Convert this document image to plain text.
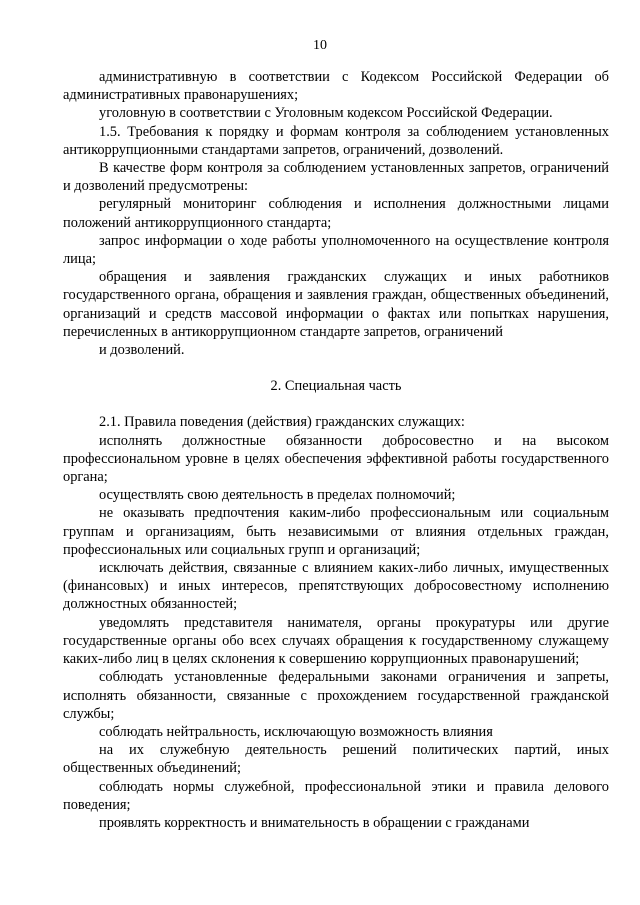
10

административную в соответствии с Кодексом Российской Федерации об административных правонарушениях;

уголовную в соответствии с Уголовным кодексом Российской Федерации.

1.5. Требования к порядку и формам контроля за соблюдением установленных антикоррупционными стандартами запретов, ограничений, дозволений.

В качестве форм контроля за соблюдением установленных запретов, ограничений и дозволений предусмотрены:

регулярный мониторинг соблюдения и исполнения должностными лицами положений антикоррупционного стандарта;

запрос информации о ходе работы уполномоченного на осуществление контроля лица;

обращения и заявления гражданских служащих и иных работников государственного органа, обращения и заявления граждан, общественных объединений, организаций и средств массовой информации о фактах или попытках нарушения, перечисленных в антикоррупционном стандарте запретов, ограничений

и дозволений.

2. Специальная часть

2.1. Правила поведения (действия) гражданских служащих:

исполнять должностные обязанности добросовестно и на высоком профессиональном уровне в целях обеспечения эффективной работы государственного органа;

осуществлять свою деятельность в пределах полномочий;

не оказывать предпочтения каким-либо профессиональным или социальным группам и организациям, быть независимыми от влияния отдельных граждан, профессиональных или социальных групп и организаций;

исключать действия, связанные с влиянием каких-либо личных, имущественных (финансовых) и иных интересов, препятствующих добросовестному исполнению должностных обязанностей;

уведомлять представителя нанимателя, органы прокуратуры или другие государственные органы обо всех случаях обращения к государственному служащему каких-либо лиц в целях склонения к совершению коррупционных правонарушений;

соблюдать установленные федеральными законами ограничения и запреты, исполнять обязанности, связанные с прохождением государственной гражданской службы;

соблюдать нейтральность, исключающую возможность влияния

на их служебную деятельность решений политических партий, иных общественных объединений;

соблюдать нормы служебной, профессиональной этики и правила делового поведения;

проявлять корректность и внимательность в обращении с гражданами
